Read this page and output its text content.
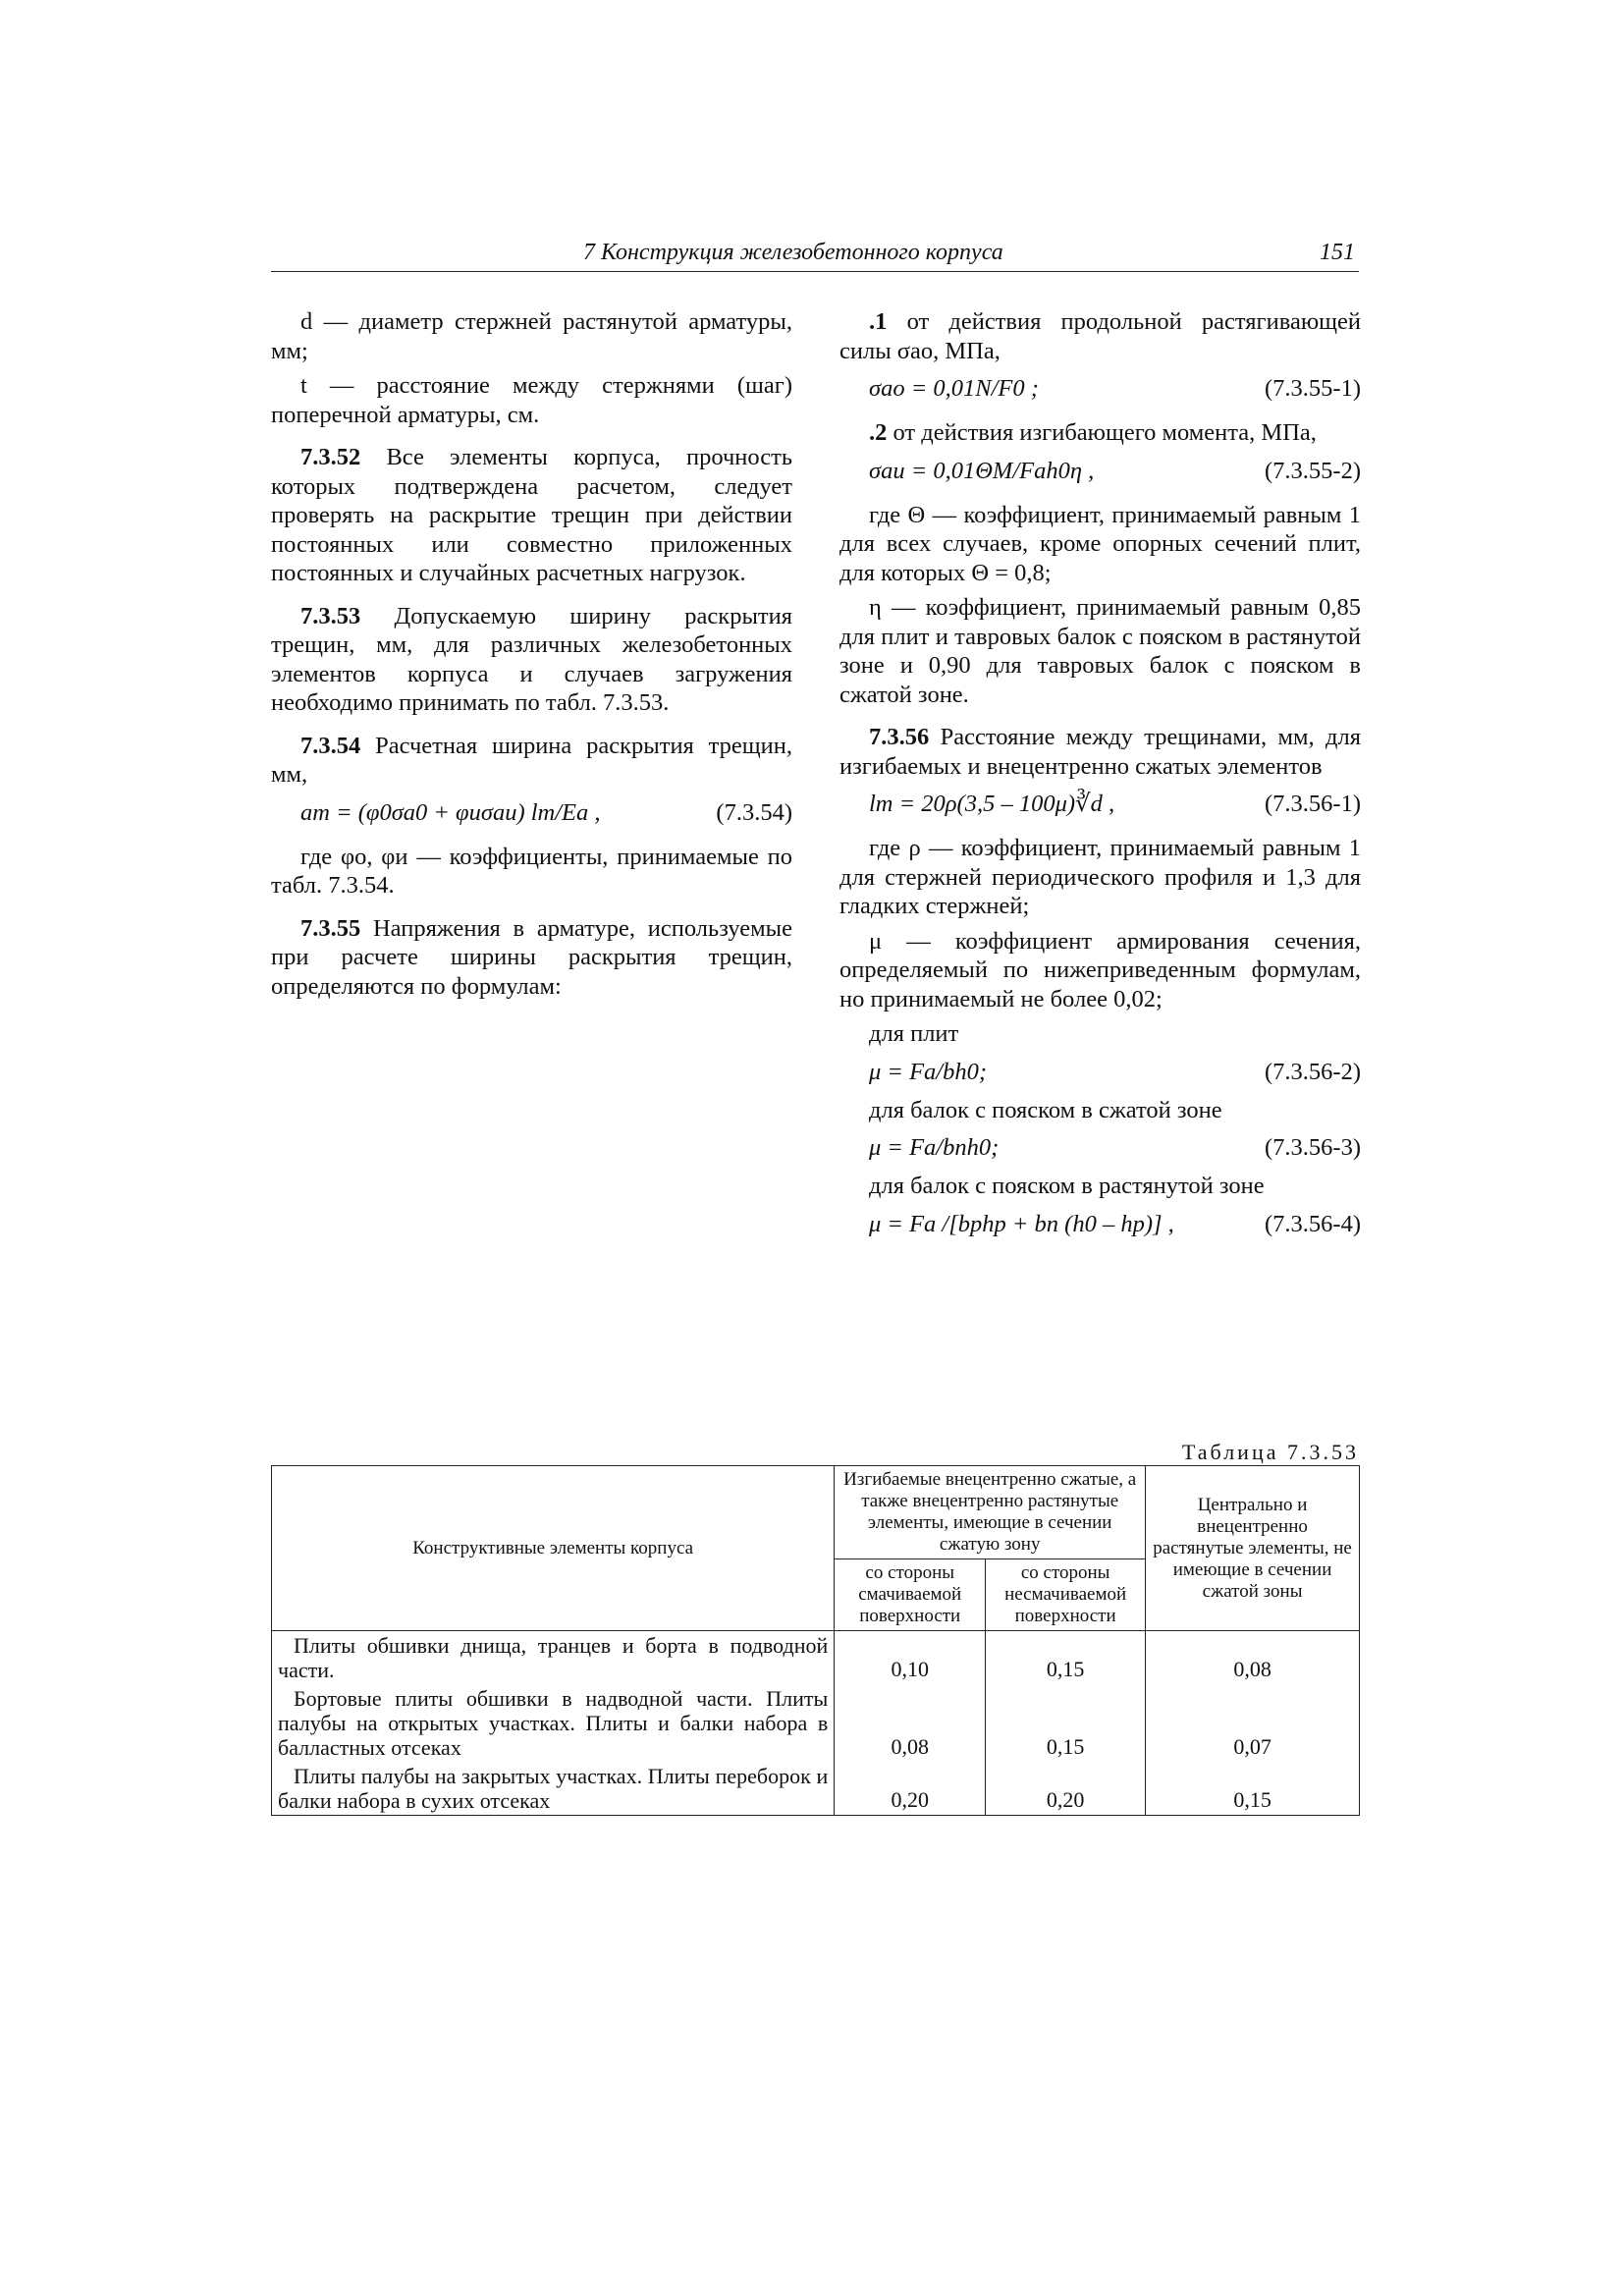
7 Конструкция железобетонного корпуса	151

d — диаметр стержней растянутой арматуры, мм;

t — расстояние между стержнями (шаг) поперечной арматуры, см.

7.3.52 Все элементы корпуса, прочность которых подтверждена расчетом, следует проверять на раскрытие трещин при действии постоянных или совместно приложенных постоянных и случайных расчетных нагрузок.

7.3.53 Допускаемую ширину раскрытия трещин, мм, для различных железобетонных элементов корпуса и случаев загружения необходимо принимать по табл. 7.3.53.

7.3.54 Расчетная ширина раскрытия трещин, мм,

aт = (φ0σа0 + φиσаи) lт/Eа ,	(7.3.54)

где φо, φи — коэффициенты, принимаемые по табл. 7.3.54.

7.3.55 Напряжения в арматуре, используемые при расчете ширины раскрытия трещин, определяются по формулам:

.1 от действия продольной растягивающей силы σао, МПа,

σао = 0,01N/F0 ;	(7.3.55-1)

.2 от действия изгибающего момента, МПа,

σаи = 0,01ΘM/Fаh0η ,	(7.3.55-2)

где Θ — коэффициент, принимаемый равным 1 для всех случаев, кроме опорных сечений плит, для которых Θ = 0,8;

η — коэффициент, принимаемый равным 0,85 для плит и тавровых балок с пояском в растянутой зоне и 0,90 для тавровых балок с пояском в сжатой зоне.

7.3.56 Расстояние между трещинами, мм, для изгибаемых и внецентренно сжатых элементов

lт = 20ρ(3,5 – 100μ)∛d ,	(7.3.56-1)

где ρ — коэффициент, принимаемый равным 1 для стержней периодического профиля и 1,3 для гладких стержней;

μ — коэффициент армирования сечения, определяемый по нижеприведенным формулам, но принимаемый не более 0,02;

для плит

μ = Fа/bh0;	(7.3.56-2)

для балок с пояском в сжатой зоне

μ = Fа/bпh0;	(7.3.56-3)

для балок с пояском в растянутой зоне

μ = Fа /[bрhр + bп (h0 – hр)] ,	(7.3.56-4)
Таблица 7.3.53
Конструктивные элементы корпуса	Изгибаемые внецентренно сжатые, а также внецентренно растянутые элементы, имеющие в сечении сжатую зону		Центрально и внецентренно растянутые элементы, не имеющие в сечении сжатой зоны
	со стороны смачиваемой поверхности	со стороны несмачиваемой поверхности	
Плиты обшивки днища, транцев и борта в подводной части.	0,10	0,15	0,08
Бортовые плиты обшивки в надводной части. Плиты палубы на открытых участках. Плиты и балки набора в балластных отсеках	0,08	0,15	0,07
Плиты палубы на закрытых участках. Плиты переборок и балки набора в сухих отсеках	0,20	0,20	0,15
